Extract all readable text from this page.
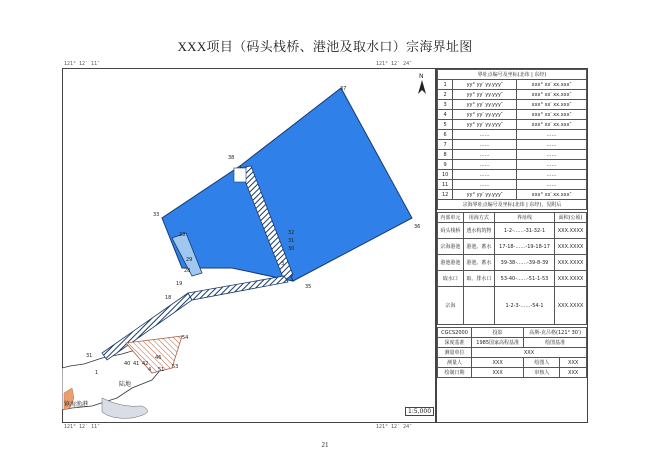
XXX项目（码头栈桥、港池及取水口）宗海界址图
121° 12′ 11″	121° 12′ 24″
121° 12′ 11″	121° 12′ 24″
N
37
38
33
36
35
3
18
54
31
1
53
46
40 41 42
4 51
19
28
29
23	32
31
30
陆地
镇海渔港
1:5,000
界址点编号及坐标(北纬 | 东经)		
1	yy° yy′ yy.yyy″	xxx° xx′ xx.xxx″
2	yy° yy′ yy.yyy″	xxx° xx′ xx.xxx″
3	yy° yy′ yy.yyy″	xxx° xx′ xx.xxx″
4	yy° yy′ yy.yyy″	xxx° xx′ xx.xxx″
5	yy° yy′ yy.yyy″	xxx° xx′ xx.xxx″
6	……	……
7	……	……
8	……	……
9	……	……
10	……	……
11	……	……
12	yy° yy′ yy.yyy″	xxx° xx′ xx.xxx″
宗海界址点编号及坐标(北纬 | 东经)，见附后		
内部单元	用海方式	界址线	面积(公顷)
码头栈桥	透水构筑物	1-2-……-31-32-1	XXX.XXXX
宗海港池	港池、蓄水	17-18-……-19-18-17	XXX.XXXX
港池港池	港池、蓄水	39-38-……-39-8-39	XXX.XXXX
取水口	取、排水口	53-40-……-51-1-53	XXX.XXXX
宗海		1-2-3-……-54-1	XXX.XXXX
CGCS2000	投影	高斯-克吕格(121° 30′)	
深度基准	1985国家高程基准	绘图基准	
测量单位	XXX		
测量人	XXX	绘图人	XXX
绘制日期	XXX	审核人	XXX
21
